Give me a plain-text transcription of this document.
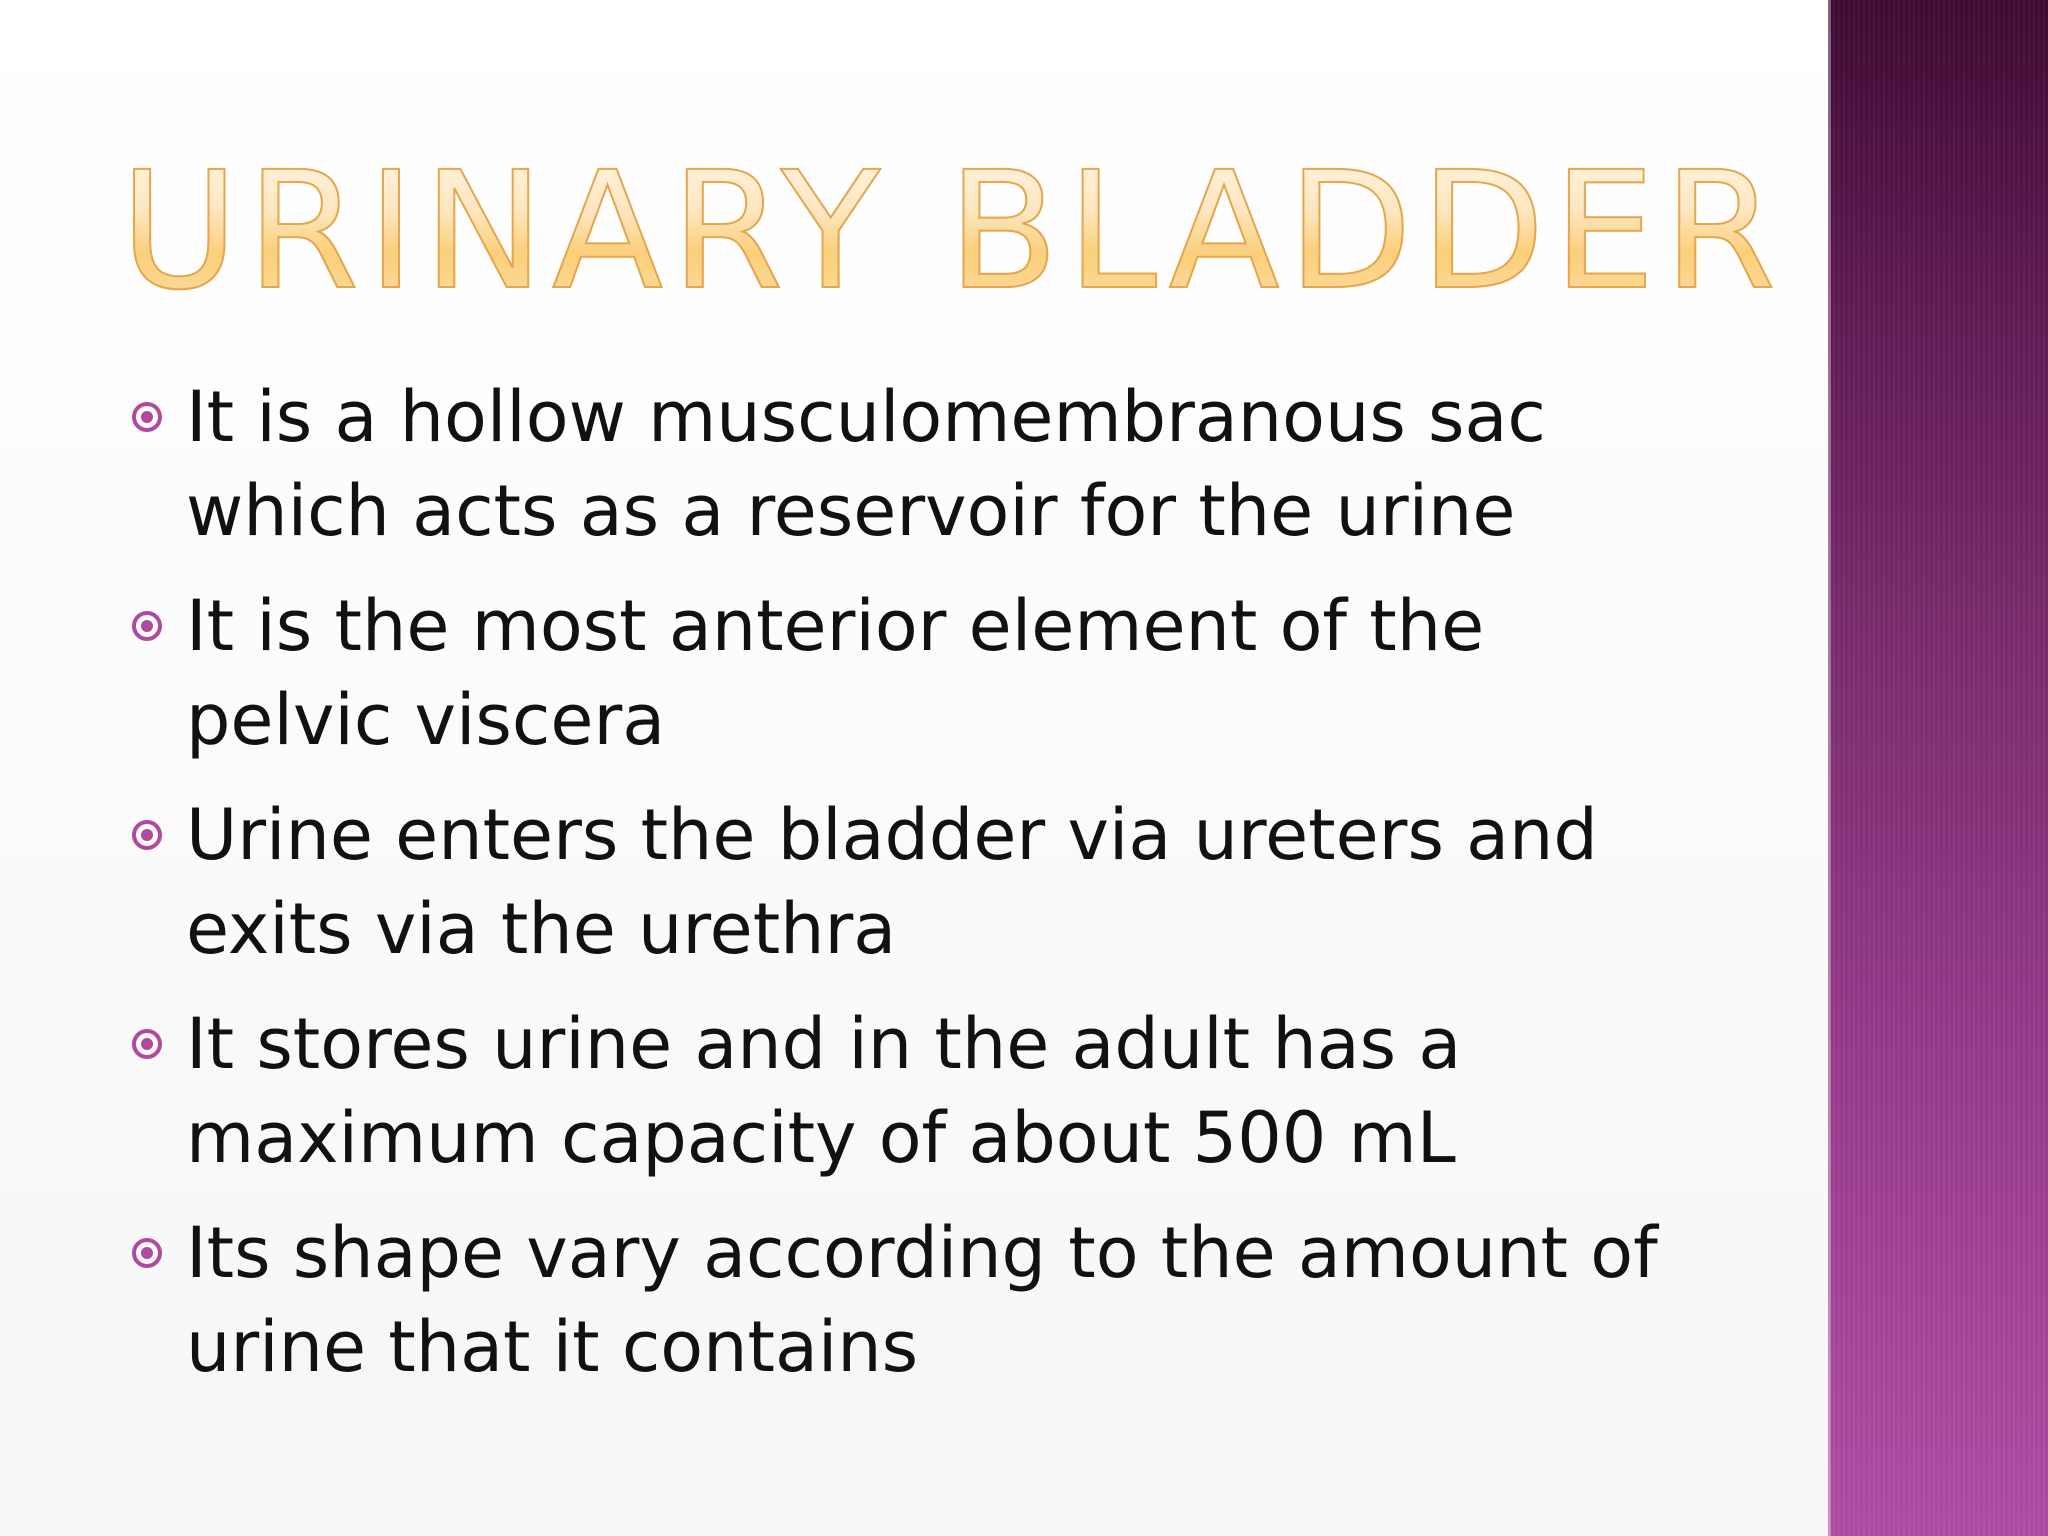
URINARY BLADDER
It is a hollow musculomembranous sac which acts as a reservoir for the urine
It is the most anterior element of the pelvic viscera
Urine enters the bladder via ureters and exits via the urethra
It stores urine and in the adult has a maximum capacity of about 500 mL
Its shape vary according to the amount of urine that it contains
